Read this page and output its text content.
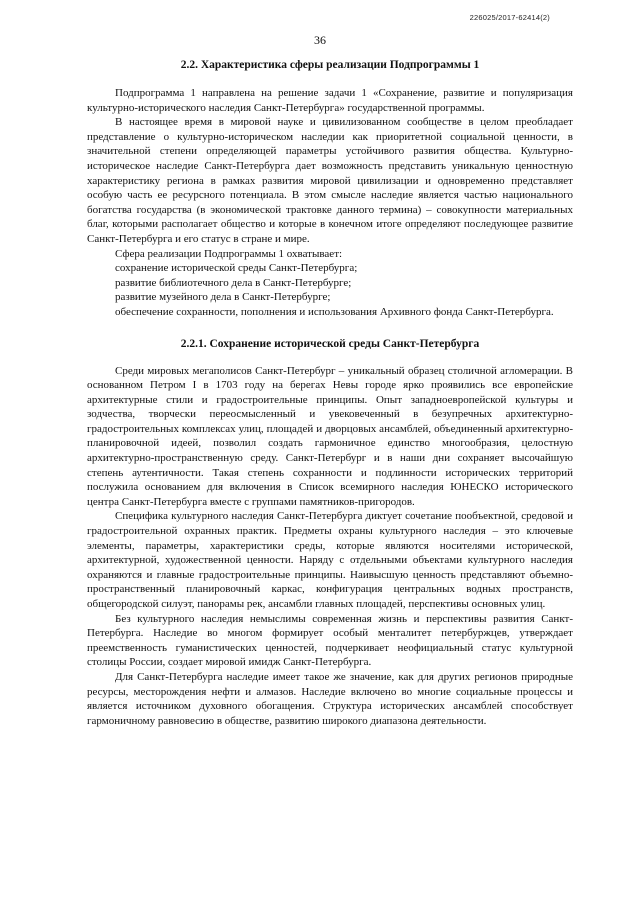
226025/2017-62414(2)
36
2.2. Характеристика сферы реализации Подпрограммы 1

Подпрограмма 1 направлена на решение задачи 1 «Сохранение, развитие и популяризация культурно-исторического наследия Санкт-Петербурга» государственной программы.

В настоящее время в мировой науке и цивилизованном сообществе в целом преобладает представление о культурно-историческом наследии как приоритетной социальной ценности, в значительной степени определяющей параметры устойчивого развития общества. Культурно-историческое наследие Санкт-Петербурга дает возможность представить уникальную ценностную характеристику региона в рамках развития мировой цивилизации и одновременно представляет особую часть ее ресурсного потенциала. В этом смысле наследие является частью национального богатства государства (в экономической трактовке данного термина) – совокупности материальных благ, которыми располагает общество и которые в конечном итоге определяют последующее развитие Санкт-Петербурга и его статус в стране и мире.

Сфера реализации Подпрограммы 1 охватывает:

сохранение исторической среды Санкт-Петербурга;

развитие библиотечного дела в Санкт-Петербурге;

развитие музейного дела в Санкт-Петербурге;

обеспечение сохранности, пополнения и использования Архивного фонда Санкт-Петербурга.

2.2.1. Сохранение исторической среды Санкт-Петербурга

Среди мировых мегаполисов Санкт-Петербург – уникальный образец столичной агломерации. В основанном Петром I в 1703 году на берегах Невы городе ярко проявились все европейские архитектурные стили и градостроительные принципы. Опыт западноевропейской культуры и зодчества, творчески переосмысленный и увековеченный в безупречных архитектурно-градостроительных комплексах улиц, площадей и дворцовых ансамблей, объединенный архитектурно-планировочной идеей, позволил создать гармоничное единство многообразия, целостную архитектурно-пространственную среду. Санкт-Петербург и в наши дни сохраняет высочайшую степень аутентичности. Такая степень сохранности и подлинности исторических территорий послужила основанием для включения в Список всемирного наследия ЮНЕСКО исторического центра Санкт-Петербурга вместе с группами памятников-пригородов.

Специфика культурного наследия Санкт-Петербурга диктует сочетание пообъектной, средовой и градостроительной охранных практик. Предметы охраны культурного наследия – это ключевые элементы, параметры, характеристики среды, которые являются носителями исторической, архитектурной, художественной ценности. Наряду с отдельными объектами культурного наследия охраняются и главные градостроительные принципы. Наивысшую ценность представляют объемно-пространственный планировочный каркас, конфигурация центральных водных пространств, общегородской силуэт, панорамы рек, ансамбли главных площадей, перспективы основных улиц.

Без культурного наследия немыслимы современная жизнь и перспективы развития Санкт-Петербурга. Наследие во многом формирует особый менталитет петербуржцев, утверждает преемственность гуманистических ценностей, подчеркивает неофициальный статус культурной столицы России, создает мировой имидж Санкт-Петербурга.

Для Санкт-Петербурга наследие имеет такое же значение, как для других регионов природные ресурсы, месторождения нефти и алмазов. Наследие включено во многие социальные процессы и является источником духовного обогащения. Структура исторических ансамблей способствует гармоничному равновесию в обществе, развитию широкого диапазона деятельности.
